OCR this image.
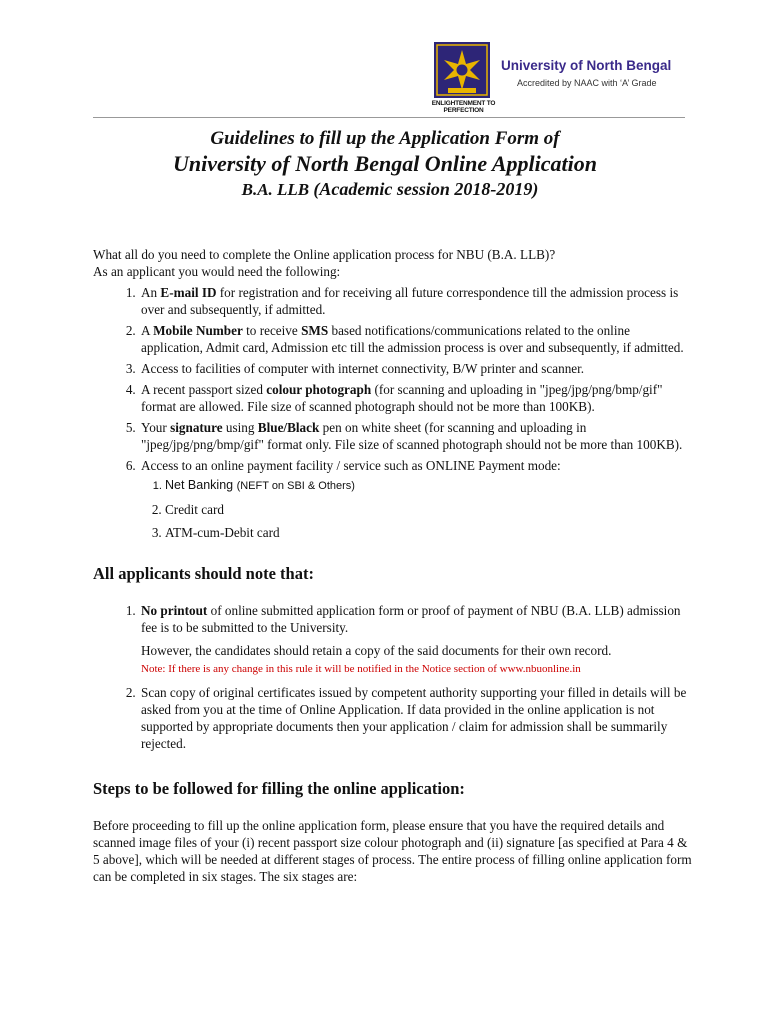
ENLIGHTENMENT TO PERFECTION
University of North Bengal
Accredited by NAAC with ‘A’ Grade
Guidelines to fill up the Application Form of
University of North Bengal Online Application
B.A. LLB (Academic session 2018-2019)

What all do you need to complete the Online application process for NBU (B.A. LLB)?

As an applicant you would need the following:

1. An E-mail ID for registration and for receiving all future correspondence till the admission process is over and subsequently, if admitted.
2. A Mobile Number to receive SMS based notifications/communications related to the online application, Admit card, Admission etc till the admission process is over and subsequently, if admitted.
3. Access to facilities of computer with internet connectivity, B/W printer and scanner.
4. A recent passport sized colour photograph (for scanning and uploading in "jpeg/jpg/png/bmp/gif" format are allowed. File size of scanned photograph should not be more than 100KB).
5. Your signature using Blue/Black pen on white sheet (for scanning and uploading in "jpeg/jpg/png/bmp/gif" format only. File size of scanned photograph should not be more than 100KB).
6. Access to an online payment facility / service such as ONLINE Payment mode:
1. Net Banking (NEFT on SBI & Others)
2. Credit card
3. ATM-cum-Debit card
All applicants should note that:
1. No printout of online submitted application form or proof of payment of NBU (B.A. LLB) admission fee is to be submitted to the University.
However, the candidates should retain a copy of the said documents for their own record.
Note: If there is any change in this rule it will be notified in the Notice section of www.nbuonline.in
2. Scan copy of original certificates issued by competent authority supporting your filled in details will be asked from you at the time of Online Application. If data provided in the online application is not supported by appropriate documents then your application / claim for admission shall be summarily rejected.
Steps to be followed for filling the online application:

Before proceeding to fill up the online application form, please ensure that you have the required details and scanned image files of your (i) recent passport size colour photograph and (ii) signature [as specified at Para 4 & 5 above], which will be needed at different stages of process. The entire process of filling online application form can be completed in six stages. The six stages are:
